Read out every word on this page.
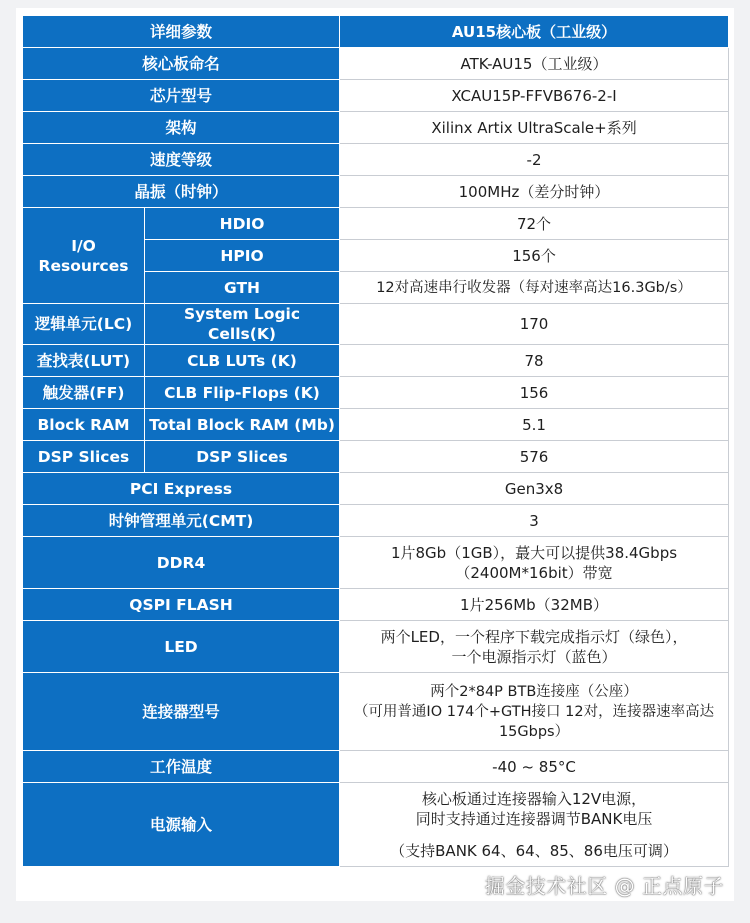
详细参数		AU15核心板（工业级）
核心板命名		ATK-AU15（工业级）
芯片型号		XCAU15P-FFVB676-2-I
架构		Xilinx Artix UltraScale+系列
速度等级		-2
晶振（时钟）		100MHz（差分时钟）
I/O Resources	HDIO	72个
	HPIO	156个
	GTH	12对高速串行收发器（每对速率高达16.3Gb/s）
逻辑单元(LC)	System Logic Cells(K)	170
查找表(LUT)	CLB LUTs (K)	78
触发器(FF)	CLB Flip-Flops (K)	156
Block RAM	Total Block RAM (Mb)	5.1
DSP Slices	DSP Slices	576
PCI Express		Gen3x8
时钟管理单元(CMT)		3
DDR4		1片8Gb（1GB），蕞大可以提供38.4Gbps
（2400M*16bit）带宽

QSPI FLASH		1片256Mb（32MB）
LED		两个LED，一个程序下载完成指示灯（绿色），
一个电源指示灯（蓝色）

连接器型号		两个2*84P BTB连接座（公座）
（可用普通IO 174个+GTH接口 12对，连接器速率高达
15Gbps）

工作温度		-40 ~ 85°C
电源输入		核心板通过连接器输入12V电源，
同时支持通过连接器调节BANK电压
（支持BANK 64、64、85、86电压可调）
掘金技术社区 @ 正点原子
